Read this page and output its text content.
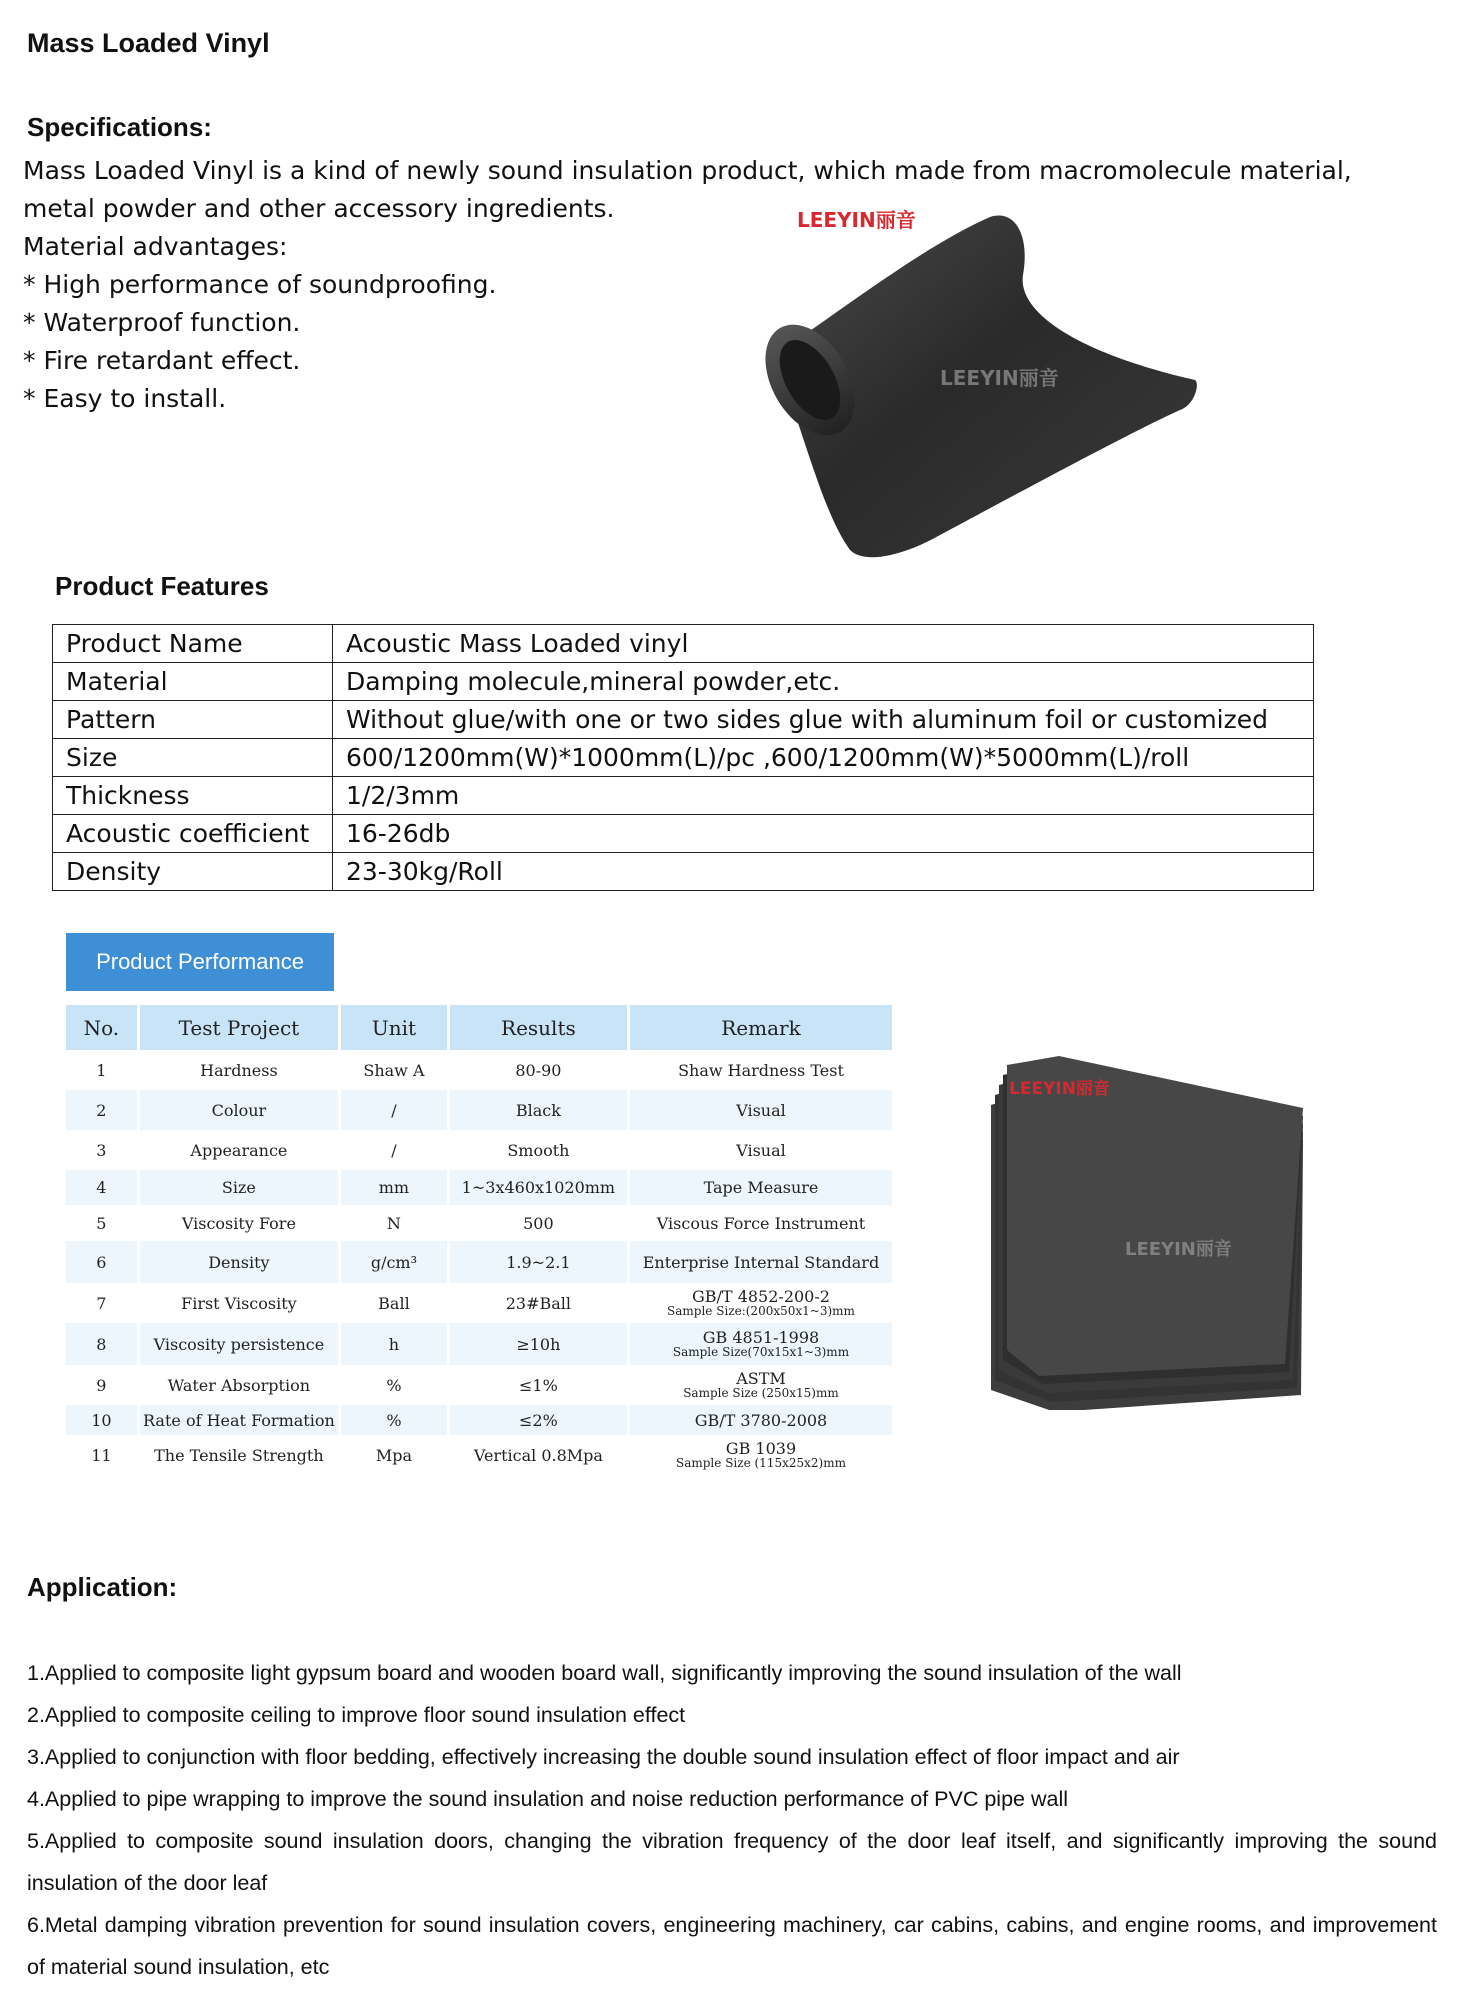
Mass Loaded Vinyl
Specifications:
Mass Loaded Vinyl is a kind of newly sound insulation product, which made from macromolecule material,
metal powder and other accessory ingredients.
Material advantages:
* High performance of soundproofing.
* Waterproof function.
* Fire retardant effect.
* Easy to install.
LEEYIN丽音
LEEYIN丽音
Product Features
Product Name	Acoustic Mass Loaded vinyl
Material	Damping molecule,mineral powder,etc.
Pattern	Without glue/with one or two sides glue with aluminum foil or customized
Size	600/1200mm(W)*1000mm(L)/pc ,600/1200mm(W)*5000mm(L)/roll
Thickness	1/2/3mm
Acoustic coefficient	16-26db
Density	23-30kg/Roll
Product Performance
No.	Test Project	Unit	Results	Remark
1	Hardness	Shaw A	80-90	Shaw Hardness Test

2	Colour	/	Black	Visual

3	Appearance	/	Smooth	Visual

4	Size	mm	1~3x460x1020mm	Tape Measure

5	Viscosity Fore	N	500	Viscous Force Instrument

6	Density	g/cm³	1.9~2.1	Enterprise Internal Standard

7	First Viscosity	Ball	23#Ball	GB/T 4852-200-2
Sample Size:(200x50x1~3)mm

8	Viscosity persistence	h	≥10h	GB 4851-1998
Sample Size(70x15x1~3)mm

9	Water Absorption	%	≤1%	ASTM
Sample Size (250x15)mm

10	Rate of Heat Formation	%	≤2%	GB/T 3780-2008

11	The Tensile Strength	Mpa	Vertical 0.8Mpa	GB 1039
Sample Size (115x25x2)mm
LEEYIN丽音
LEEYIN丽音
Application:
1.Applied to composite light gypsum board and wooden board wall, significantly improving the sound insulation of the wall
2.Applied to composite ceiling to improve floor sound insulation effect
3.Applied to conjunction with floor bedding, effectively increasing the double sound insulation effect of floor impact and air
4.Applied to pipe wrapping to improve the sound insulation and noise reduction performance of PVC pipe wall
5.Applied to composite sound insulation doors, changing the vibration frequency of the door leaf itself, and significantly improving the sound insulation of the door leaf
6.Metal damping vibration prevention for sound insulation covers, engineering machinery, car cabins, cabins, and engine rooms, and improvement of material sound insulation, etc
